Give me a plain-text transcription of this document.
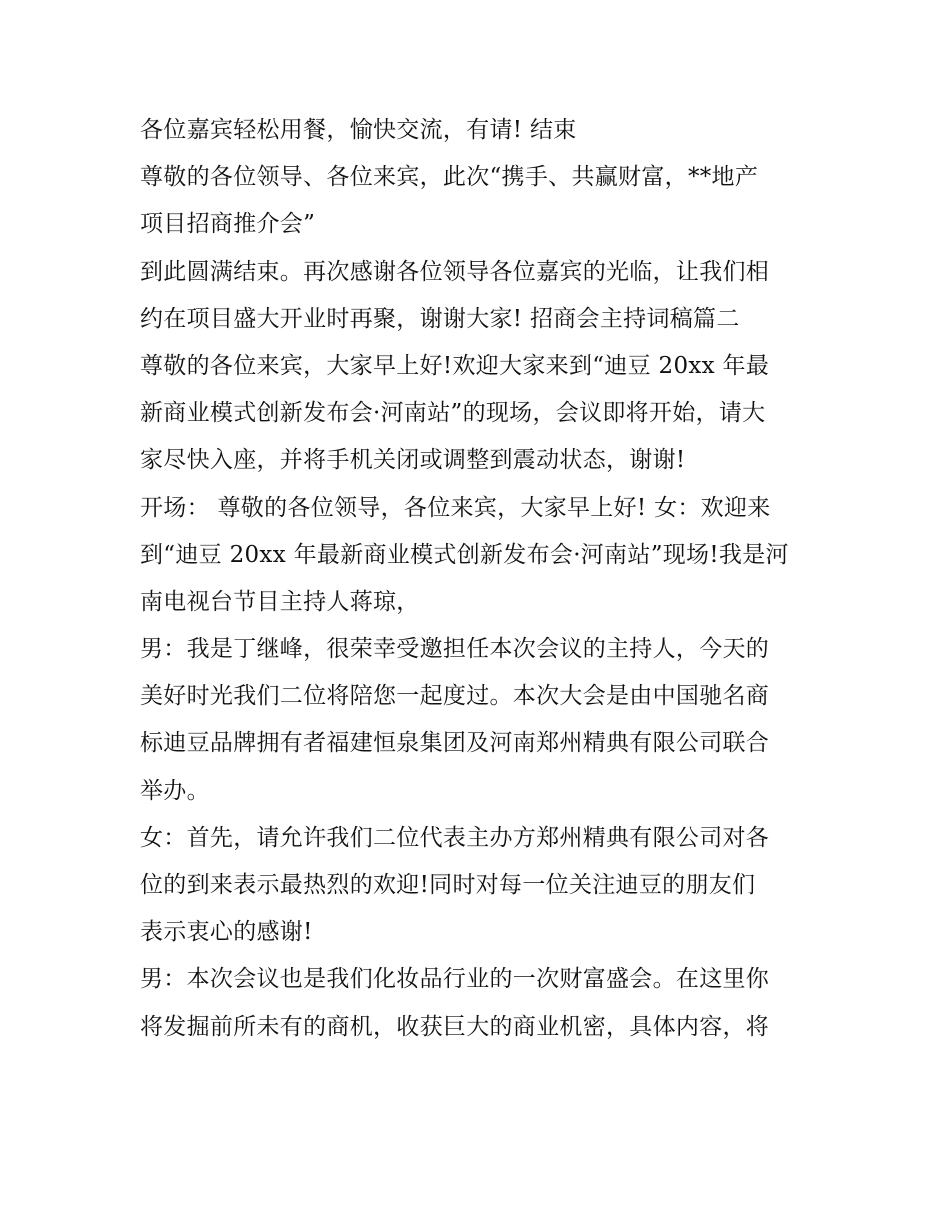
各位嘉宾轻松用餐，愉快交流，有请! 结束
尊敬的各位领导、各位来宾，此次“携手、共赢财富，**地产
项目招商推介会”
到此圆满结束。再次感谢各位领导各位嘉宾的光临，让我们相
约在项目盛大开业时再聚，谢谢大家! 招商会主持词稿篇二
尊敬的各位来宾，大家早上好!欢迎大家来到“迪豆 20xx 年最
新商业模式创新发布会·河南站”的现场，会议即将开始，请大
家尽快入座，并将手机关闭或调整到震动状态，谢谢!
开场： 尊敬的各位领导，各位来宾，大家早上好! 女：欢迎来
到“迪豆 20xx 年最新商业模式创新发布会·河南站”现场!我是河
南电视台节目主持人蒋琼，
男：我是丁继峰，很荣幸受邀担任本次会议的主持人，今天的
美好时光我们二位将陪您一起度过。本次大会是由中国驰名商
标迪豆品牌拥有者福建恒泉集团及河南郑州精典有限公司联合
举办。
女：首先，请允许我们二位代表主办方郑州精典有限公司对各
位的到来表示最热烈的欢迎!同时对每一位关注迪豆的朋友们
表示衷心的感谢!
男：本次会议也是我们化妆品行业的一次财富盛会。在这里你
将发掘前所未有的商机，收获巨大的商业机密，具体内容，将
